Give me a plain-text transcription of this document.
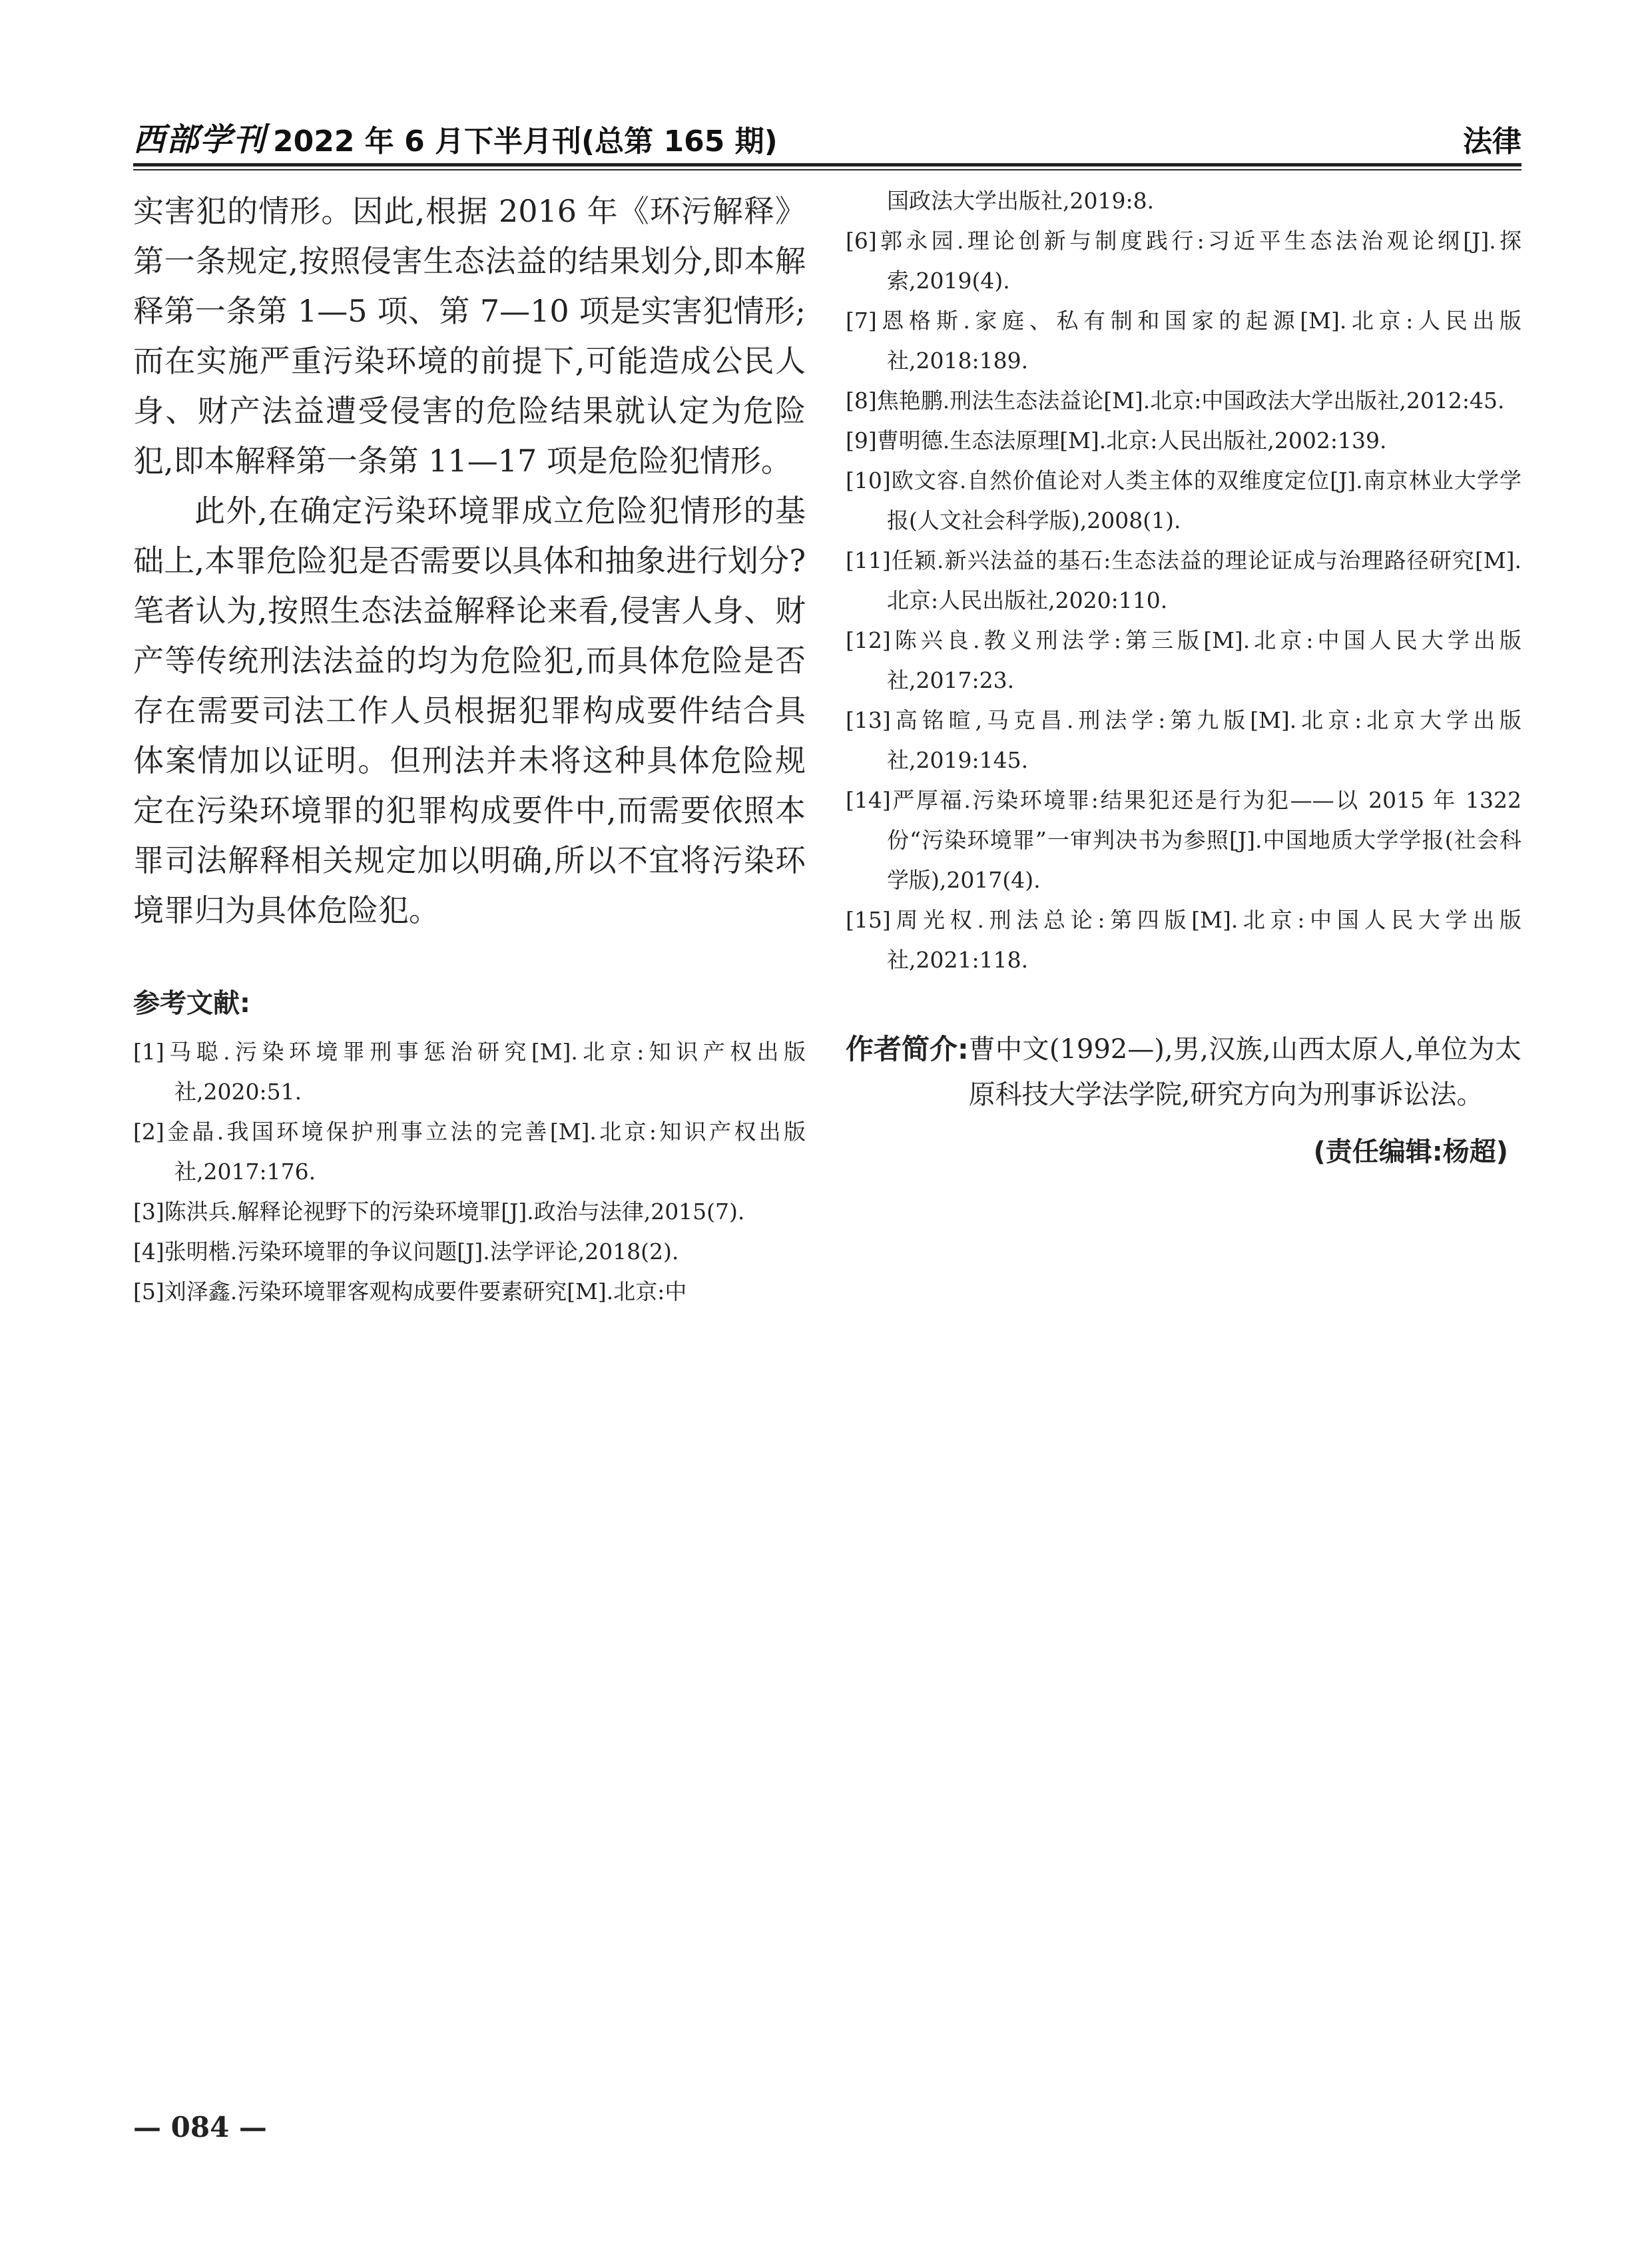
西部学刊 2022 年 6 月下半月刊(总第 165 期)	法律

实害犯的情形。因此,根据 2016 年《环污解释》第一条规定,按照侵害生态法益的结果划分,即本解释第一条第 1—5 项、第 7—10 项是实害犯情形;而在实施严重污染环境的前提下,可能造成公民人身、财产法益遭受侵害的危险结果就认定为危险犯,即本解释第一条第 11—17 项是危险犯情形。

此外,在确定污染环境罪成立危险犯情形的基础上,本罪危险犯是否需要以具体和抽象进行划分? 笔者认为,按照生态法益解释论来看,侵害人身、财产等传统刑法法益的均为危险犯,而具体危险是否存在需要司法工作人员根据犯罪构成要件结合具体案情加以证明。但刑法并未将这种具体危险规定在污染环境罪的犯罪构成要件中,而需要依照本罪司法解释相关规定加以明确,所以不宜将污染环境罪归为具体危险犯。

参考文献:
[1]马聪.污染环境罪刑事惩治研究[M].北京:知识产权出版社,2020:51.
[2]金晶.我国环境保护刑事立法的完善[M].北京:知识产权出版社,2017:176.
[3]陈洪兵.解释论视野下的污染环境罪[J].政治与法律,2015(7).
[4]张明楷.污染环境罪的争议问题[J].法学评论,2018(2).
[5]刘泽鑫.污染环境罪客观构成要件要素研究[M].北京:中
国政法大学出版社,2019:8.
[6]郭永园.理论创新与制度践行:习近平生态法治观论纲[J].探索,2019(4).
[7]恩格斯.家庭、私有制和国家的起源[M].北京:人民出版社,2018:189.
[8]焦艳鹏.刑法生态法益论[M].北京:中国政法大学出版社,2012:45.
[9]曹明德.生态法原理[M].北京:人民出版社,2002:139.
[10]欧文容.自然价值论对人类主体的双维度定位[J].南京林业大学学报(人文社会科学版),2008(1).
[11]任颖.新兴法益的基石:生态法益的理论证成与治理路径研究[M].北京:人民出版社,2020:110.
[12]陈兴良.教义刑法学:第三版[M].北京:中国人民大学出版社,2017:23.
[13]高铭暄,马克昌.刑法学:第九版[M].北京:北京大学出版社,2019:145.
[14]严厚福.污染环境罪:结果犯还是行为犯——以 2015 年 1322 份“污染环境罪”一审判决书为参照[J].中国地质大学学报(社会科学版),2017(4).
[15]周光权.刑法总论:第四版[M].北京:中国人民大学出版社,2021:118.
作者简介: 曹中文(1992—),男,汉族,山西太原人,单位为太原科技大学法学院,研究方向为刑事诉讼法。
(责任编辑:杨超)
— 084 —
